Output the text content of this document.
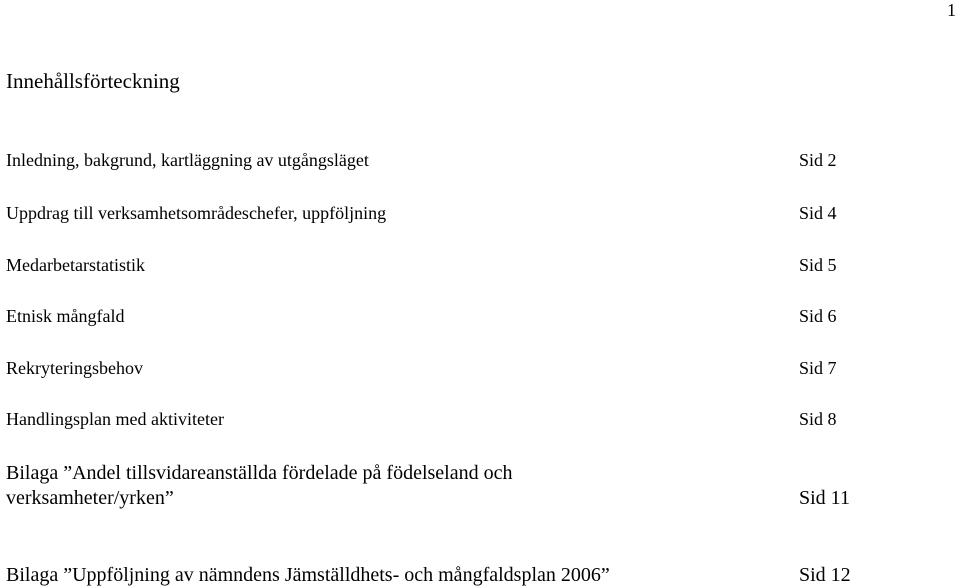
1
Innehållsförteckning
Inledning, bakgrund, kartläggning av utgångsläget	Sid 2
Uppdrag till verksamhetsområdeschefer, uppföljning	Sid 4
Medarbetarstatistik	Sid 5
Etnisk mångfald	Sid 6
Rekryteringsbehov	Sid 7
Handlingsplan med aktiviteter	Sid 8
Bilaga ”Andel tillsvidareanställda fördelade på födelseland och
verksamheter/yrken”	Sid 11
Bilaga ”Uppföljning av nämndens Jämställdhets- och mångfaldsplan 2006”	Sid 12
